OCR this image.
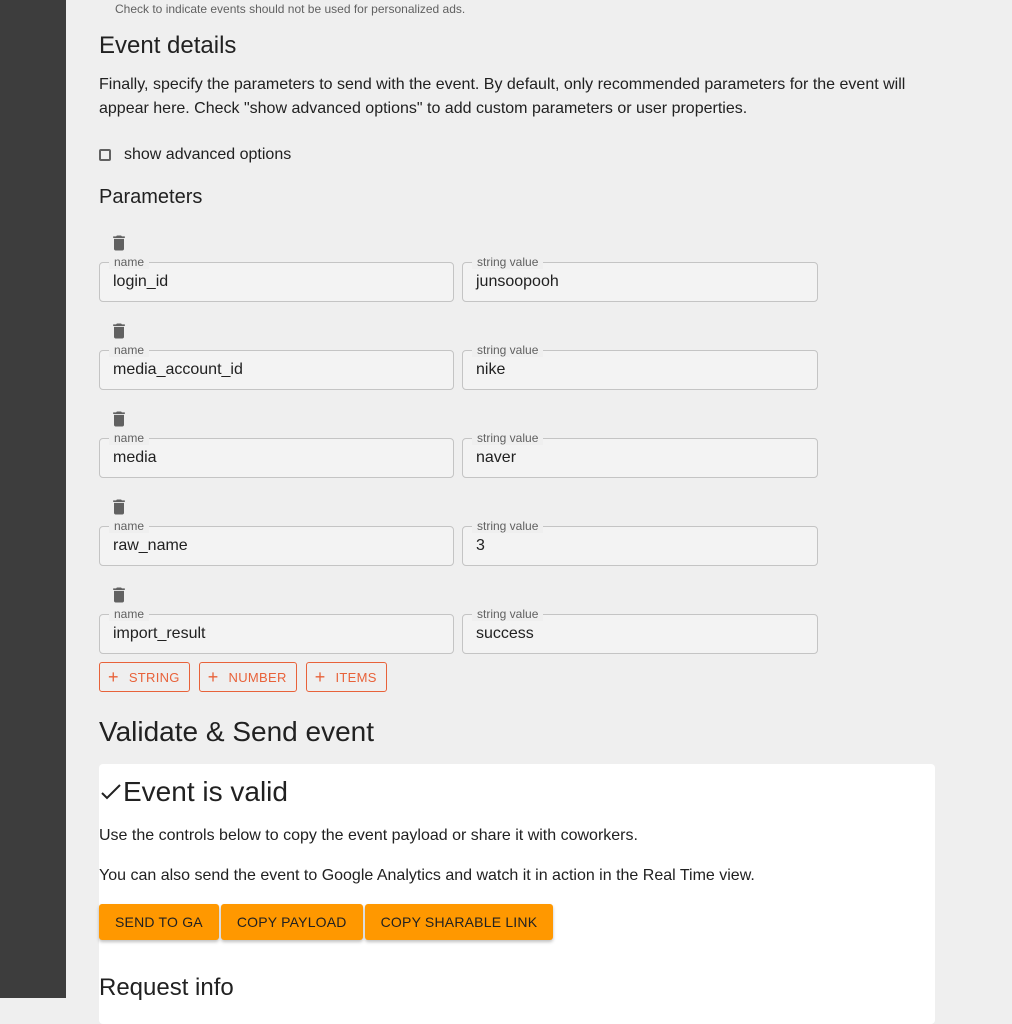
Check to indicate events should not be used for personalized ads.
Event details
Finally, specify the parameters to send with the event. By default, only recommended parameters for the event will appear here. Check "show advanced options" to add custom parameters or user properties.
show advanced options
Parameters
name
login_id
string value
junsoopooh
name
media_account_id
string value
nike
name
media
string value
naver
name
raw_name
string value
3
name
import_result
string value
success
+ STRING + NUMBER + ITEMS
Validate & Send event
Event is valid

Use the controls below to copy the event payload or share it with coworkers.

You can also send the event to Google Analytics and watch it in action in the Real Time view.

SEND TO GA	COPY PAYLOAD	COPY SHARABLE LINK
Request info
